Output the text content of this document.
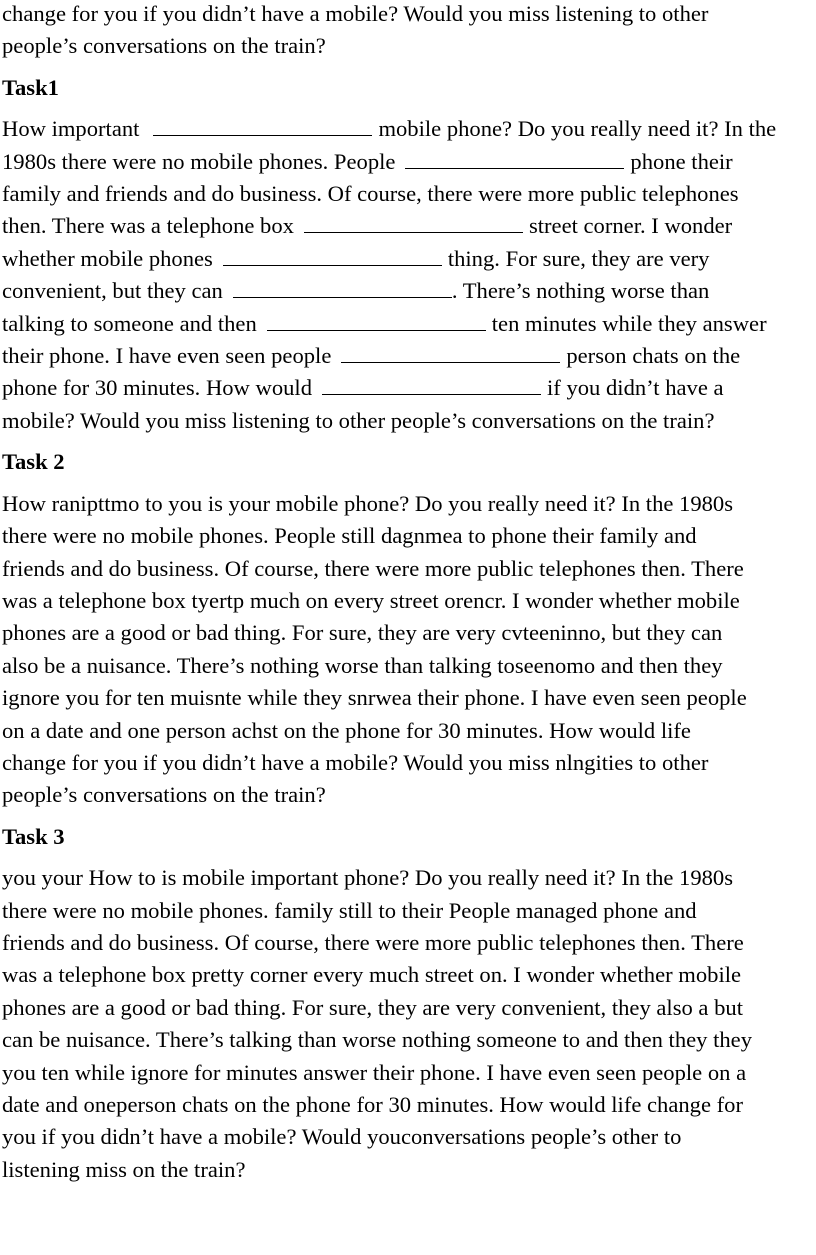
change for you if you didn’t have a mobile? Would you miss listening to other
people’s conversations on the train?
Task1
How important	mobile phone? Do you really need it? In the
1980s there were no mobile phones. People	phone their
family and friends and do business. Of course, there were more public telephones
then. There was a telephone box	street corner. I wonder
whether mobile phones	thing. For sure, they are very
convenient, but they can	. There’s nothing worse than
talking to someone and then	ten minutes while they answer
their phone. I have even seen people	person chats on the
phone for 30 minutes. How would	if you didn’t have a
mobile? Would you miss listening to other people’s conversations on the train?
Task 2
How ranipttmo to you is your mobile phone? Do you really need it? In the 1980s
there were no mobile phones. People still dagnmea to phone their family and
friends and do business. Of course, there were more public telephones then. There
was a telephone box tyertp much on every street orencr. I wonder whether mobile
phones are a good or bad thing. For sure, they are very cvteeninno, but they can
also be a nuisance. There’s nothing worse than talking toseenomo and then they
ignore you for ten muisnte while they snrwea their phone. I have even seen people
on a date and one person achst on the phone for 30 minutes. How would life
change for you if you didn’t have a mobile? Would you miss nlngities to other
people’s conversations on the train?
Task 3
you your How to is mobile important phone? Do you really need it? In the 1980s
there were no mobile phones. family still to their People managed phone and
friends and do business. Of course, there were more public telephones then. There
was a telephone box pretty corner every much street on. I wonder whether mobile
phones are a good or bad thing. For sure, they are very convenient, they also a but
can be nuisance. There’s talking than worse nothing someone to and then they they
you ten while ignore for minutes answer their phone. I have even seen people on a
date and oneperson chats on the phone for 30 minutes. How would life change for
you if you didn’t have a mobile? Would youconversations people’s other to
listening miss on the train?
